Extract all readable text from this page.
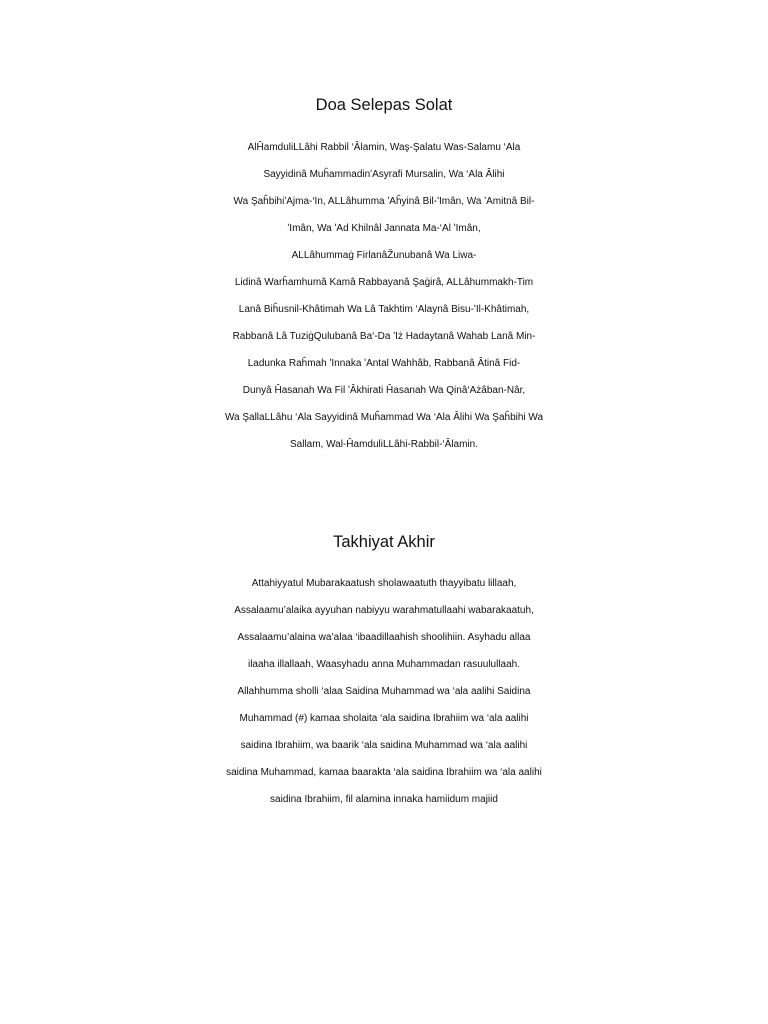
Doa Selepas Solat
AlĤamduliLLâhi Rabbil ‘Âlamin, Waş-Şalatu Was-Salamu ‘Ala
Sayyidinâ MuĥammadinʹAsyrafi Mursalin, Wa ‘Ala Âlihi
Wa ŞaĥbihiʹAjma-‘In, ALLâhumma ʹAĥyinâ Bil-ʹImân, Wa ʹAmitnâ Bil-
ʹImân, Wa ʹAd Khilnâl Jannata Ma-‘Al ʹImân,
ALLâhummaġ FirlanâŽunubanâ Wa Liwa-
Lidinâ Warĥamhumâ Kamâ Rabbayanâ Şaġirâ, ALLâhummakh-Tim
Lanâ Biĥusnil-Khâtimah Wa Lâ Takhtim ‘Alaynâ Bisu-ʹIl-Khâtimah,
Rabbanâ Lâ TuziġQulubanâ Ba‘-Da ʹIż Hadaytanâ Wahab Lanâ Min-
Ladunka Raĥmah ʹInnaka ʹAntal Wahhâb, Rabbanâ Âtinâ Fid-
Dunyâ Ĥasanah Wa Fil ʹÂkhirati Ĥasanah Wa Qinâ‘Ażâban-Nâr,
Wa ŞallaLLâhu ‘Ala Sayyidinâ Muĥammad Wa ‘Ala Âlihi Wa Şaĥbihi Wa
Sallam, Wal-ĤamduliLLâhi-Rabbil-‘Âlamin.
Takhiyat Akhir
Attahiyyatul Mubarakaatush sholawaatuth thayyibatu lillaah,
Assalaamu’alaika ayyuhan nabiyyu warahmatullaahi wabarakaatuh,
Assalaamu’alaina wa’alaa ‘ibaadillaahish shoolihiin. Asyhadu allaa
ilaaha illallaah, Waasyhadu anna Muhammadan rasuulullaah.
Allahhumma sholli ‘alaa Saidina Muhammad wa ‘ala aalihi Saidina
Muhammad (#) kamaa sholaita ‘ala saidina Ibrahiim wa ‘ala aalihi
saidina Ibrahiim, wa baarik ‘ala saidina Muhammad wa ‘ala aalihi
saidina Muhammad, kamaa baarakta ‘ala saidina Ibrahiim wa ‘ala aalihi
saidina Ibrahiim, fil alamina innaka hamiidum majiid
